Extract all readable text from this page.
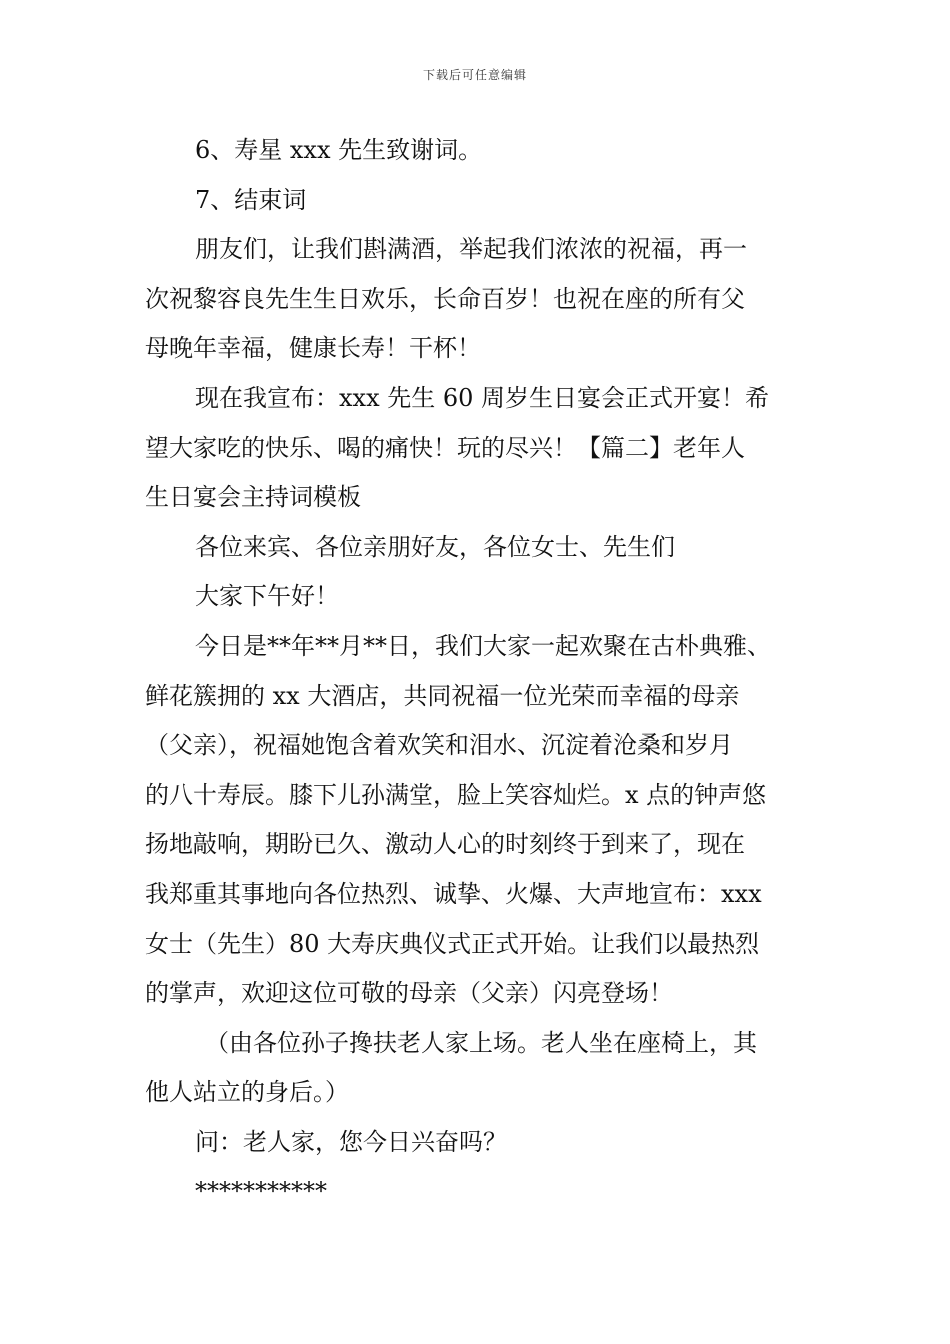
下载后可任意编辑
6、寿星 xxx 先生致谢词。
7、结束词
朋友们，让我们斟满酒，举起我们浓浓的祝福，再一
次祝黎容良先生生日欢乐，长命百岁！也祝在座的所有父
母晚年幸福，健康长寿！干杯！
现在我宣布：xxx 先生 60 周岁生日宴会正式开宴！希
望大家吃的快乐、喝的痛快！玩的尽兴！【篇二】老年人
生日宴会主持词模板
各位来宾、各位亲朋好友，各位女士、先生们
大家下午好！
今日是**年**月**日，我们大家一起欢聚在古朴典雅、
鲜花簇拥的 xx 大酒店，共同祝福一位光荣而幸福的母亲
（父亲），祝福她饱含着欢笑和泪水、沉淀着沧桑和岁月
的八十寿辰。膝下儿孙满堂，脸上笑容灿烂。x 点的钟声悠
扬地敲响，期盼已久、激动人心的时刻终于到来了，现在
我郑重其事地向各位热烈、诚挚、火爆、大声地宣布：xxx
女士（先生）80 大寿庆典仪式正式开始。让我们以最热烈
的掌声，欢迎这位可敬的母亲（父亲）闪亮登场！
（由各位孙子搀扶老人家上场。老人坐在座椅上，其
他人站立的身后。）
问：老人家，您今日兴奋吗？
***********
